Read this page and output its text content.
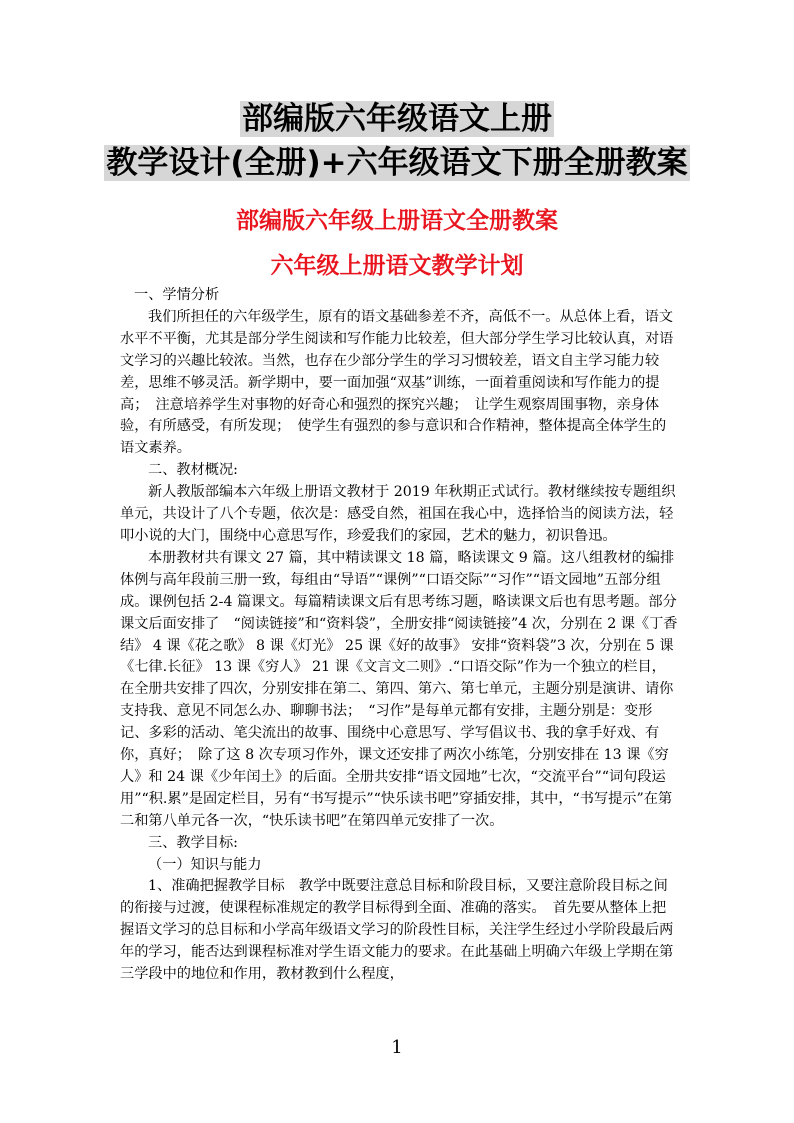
部编版六年级语文上册
教学设计(全册)+六年级语文下册全册教案
部编版六年级上册语文全册教案
六年级上册语文教学计划

一、学情分析

我们所担任的六年级学生，原有的语文基础参差不齐，高低不一。从总体上看，语文水平不平衡，尤其是部分学生阅读和写作能力比较差，但大部分学生学习比较认真，对语文学习的兴趣比较浓。当然，也存在少部分学生的学习习惯较差，语文自主学习能力较差，思维不够灵活。新学期中，要一面加强“双基”训练，一面着重阅读和写作能力的提高；　注意培养学生对事物的好奇心和强烈的探究兴趣；　让学生观察周围事物，亲身体验，有所感受，有所发现；　使学生有强烈的参与意识和合作精神，整体提高全体学生的语文素养。

二、教材概况:

新人教版部编本六年级上册语文教材于 2019 年秋期正式试行。教材继续按专题组织单元，共设计了八个专题，依次是：感受自然，祖国在我心中，选择恰当的阅读方法，轻叩小说的大门，围绕中心意思写作，珍爱我们的家园，艺术的魅力，初识鲁迅。

本册教材共有课文 27 篇，其中精读课文 18 篇，略读课文 9 篇。这八组教材的编排体例与高年段前三册一致，每组由“导语”“课例”“口语交际”“习作”“语文园地”五部分组成。课例包括 2-4 篇课文。每篇精读课文后有思考练习题，略读课文后也有思考题。部分课文后面安排了　“阅读链接”和“资料袋”，全册安排“阅读链接”4 次，分别在 2 课《丁香结》 4 课《花之歌》 8 课《灯光》 25 课《好的故事》 安排“资料袋”3 次，分别在 5 课《七律.长征》 13 课《穷人》 21 课《文言文二则》.“口语交际”作为一个独立的栏目，在全册共安排了四次，分别安排在第二、第四、第六、第七单元，主题分别是演讲、请你支持我、意见不同怎么办、聊聊书法；　“习作”是每单元都有安排，主题分别是：变形记、多彩的活动、笔尖流出的故事、围绕中心意思写、学写倡议书、我的拿手好戏、有你，真好；　除了这 8 次专项习作外，课文还安排了两次小练笔，分别安排在 13 课《穷人》和 24 课《少年闰土》的后面。全册共安排“语文园地”七次，“交流平台”“词句段运用”“积.累”是固定栏目，另有“书写提示”“快乐读书吧”穿插安排，其中，“书写提示”在第二和第八单元各一次，“快乐读书吧”在第四单元安排了一次。

三、教学目标:

（一）知识与能力

1、准确把握教学目标　教学中既要注意总目标和阶段目标，又要注意阶段目标之间的衔接与过渡，使课程标准规定的教学目标得到全面、准确的落实。　首先要从整体上把握语文学习的总目标和小学高年级语文学习的阶段性目标，关注学生经过小学阶段最后两年的学习，能否达到课程标准对学生语文能力的要求。在此基础上明确六年级上学期在第三学段中的地位和作用，教材教到什么程度，

1
